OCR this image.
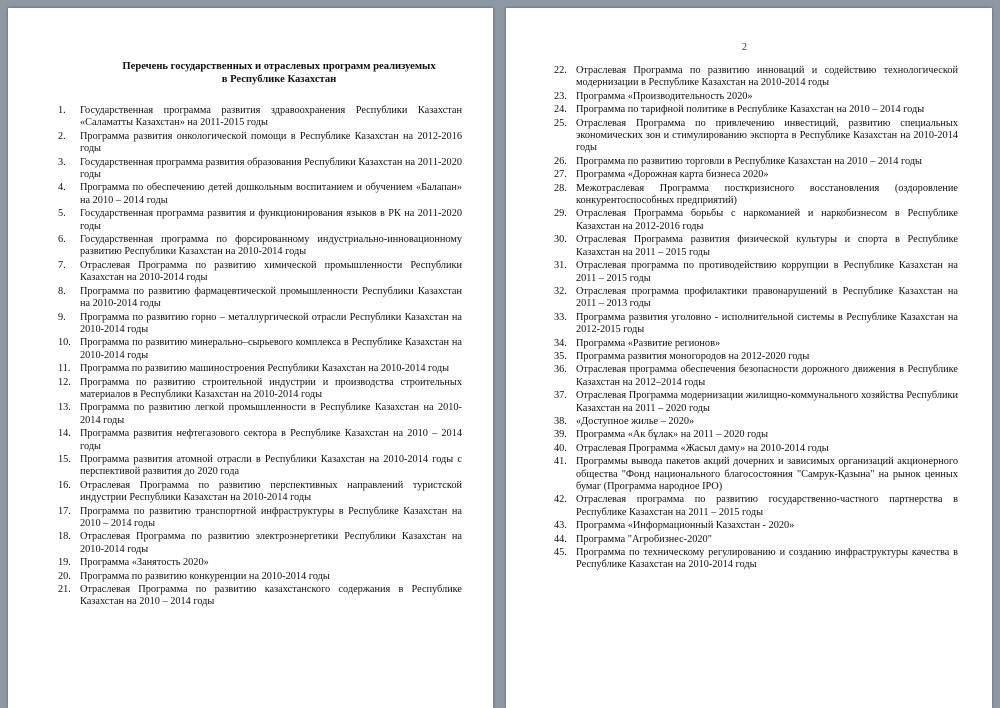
Перечень государственных и отраслевых программ реализуемых
в Республике Казахстан
1. Государственная программа развития здравоохранения Республики Казахстан «Саламатты Казахстан» на 2011-2015 годы
2. Программа развития онкологической помощи в Республике Казахстан на 2012-2016 годы
3. Государственная программа развития образования Республики Казахстан на 2011-2020 годы
4. Программа по обеспечению детей дошкольным воспитанием и обучением «Балапан» на 2010 – 2014 годы
5. Государственная программа развития и функционирования языков в РК на 2011-2020 годы
6. Государственная программа по форсированному индустриально-инновационному развитию Республики Казахстан на 2010-2014 годы
7. Отраслевая Программа по развитию химической промышленности Республики Казахстан на 2010-2014 годы
8. Программа по развитию фармацевтической промышленности Республики Казахстан на 2010-2014 годы
9. Программа по развитию горно – металлургической отрасли Республики Казахстан на 2010-2014 годы
10. Программа по развитию минерально–сырьевого комплекса в Республике Казахстан на 2010-2014 годы
11. Программа по развитию машиностроения Республики Казахстан на 2010-2014 годы
12. Программа по развитию строительной индустрии и производства строительных материалов в Республики Казахстан на 2010-2014 годы
13. Программа по развитию легкой промышленности в Республике Казахстан на 2010-2014 годы
14. Программа развития нефтегазового сектора в Республике Казахстан на 2010 – 2014 годы
15. Программа развития атомной отрасли в Республики Казахстан на 2010-2014 годы с перспективой развития до 2020 года
16. Отраслевая Программа по развитию перспективных направлений туристской индустрии Республики Казахстан на 2010-2014 годы
17. Программа по развитию транспортной инфраструктуры в Республике Казахстан на 2010 – 2014 годы
18. Отраслевая Программа по развитию электроэнергетики Республики Казахстан на 2010-2014 годы
19. Программа «Занятость 2020»
20. Программа по развитию конкуренции на 2010-2014 годы
21. Отраслевая Программа по развитию казахстанского содержания в Республике Казахстан на 2010 – 2014 годы
2
22. Отраслевая Программа по развитию инноваций и содействию технологической модернизации в Республике Казахстан на 2010-2014 годы
23. Программа «Производительность 2020»
24. Программа по тарифной политике в Республике Казахстан на 2010 – 2014 годы
25. Отраслевая Программа по привлечению инвестиций, развитию специальных экономических зон и стимулированию экспорта в Республике Казахстан на 2010-2014 годы
26. Программа по развитию торговли в Республике Казахстан на 2010 – 2014 годы
27. Программа «Дорожная карта бизнеса 2020»
28. Межотраслевая Программа посткризисного восстановления (оздоровление конкурентоспособных предприятий)
29. Отраслевая Программа борьбы с наркоманией и наркобизнесом в Республике Казахстан на 2012-2016 годы
30. Отраслевая Программа развития физической культуры и спорта в Республике Казахстан на 2011 – 2015 годы
31. Отраслевая программа по противодействию коррупции в Республике Казахстан на 2011 – 2015 годы
32. Отраслевая программа профилактики правонарушений в Республике Казахстан на 2011 – 2013 годы
33. Программа развития уголовно - исполнительной системы в Республике Казахстан на 2012-2015 годы
34. Программа «Развитие регионов»
35. Программа развития моногородов на 2012-2020 годы
36. Отраслевая программа обеспечения безопасности дорожного движения в Республике Казахстан на 2012–2014 годы
37. Отраслевая Программа модернизации жилищно-коммунального хозяйства Республики Казахстан на 2011 – 2020 годы
38. «Доступное жилье – 2020»
39. Программа «Ак бұлак» на 2011 – 2020 годы
40. Отраслевая Программа «Жасыл даму» на 2010-2014 годы
41. Программы вывода пакетов акций дочерних и зависимых организаций акционерного общества "Фонд национального благосостояния "Самрук-Қазына" на рынок ценных бумаг (Программа народное IPO)
42. Отраслевая программа по развитию государственно-частного партнерства в Республике Казахстан на 2011 – 2015 годы
43. Программа «Информационный Казахстан - 2020»
44. Программа "Агробизнес-2020"
45. Программа по техническому регулированию и созданию инфраструктуры качества в Республике Казахстан на 2010-2014 годы
